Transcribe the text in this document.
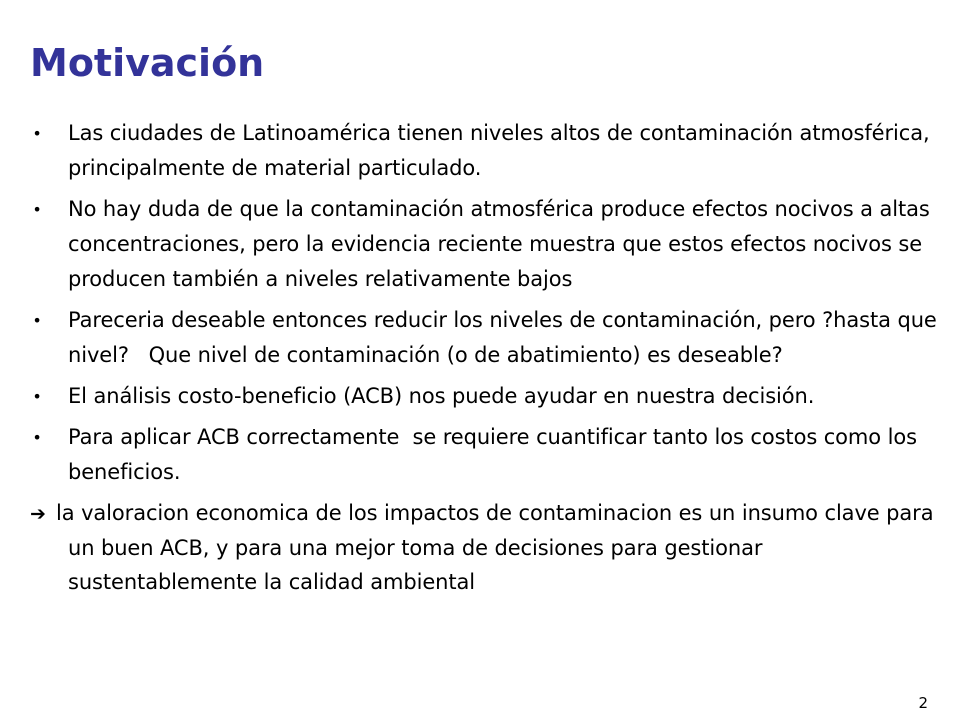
Motivación
• Las ciudades de Latinoamérica tienen niveles altos de contaminación atmosférica, principalmente de material particulado.
• No hay duda de que la contaminación atmosférica produce efectos nocivos a altas concentraciones, pero la evidencia reciente muestra que estos efectos nocivos se producen también a niveles relativamente bajos
• Pareceria deseable entonces reducir los niveles de contaminación, pero ?hasta que nivel?   Que nivel de contaminación (o de abatimiento) es deseable?
• El análisis costo-beneficio (ACB) nos puede ayudar en nuestra decisión.
• Para aplicar ACB correctamente  se requiere cuantificar tanto los costos como los beneficios.
➔ la valoracion economica de los impactos de contaminacion es un insumo clave para un buen ACB, y para una mejor toma de decisiones para gestionar sustentablemente la calidad ambiental
2
